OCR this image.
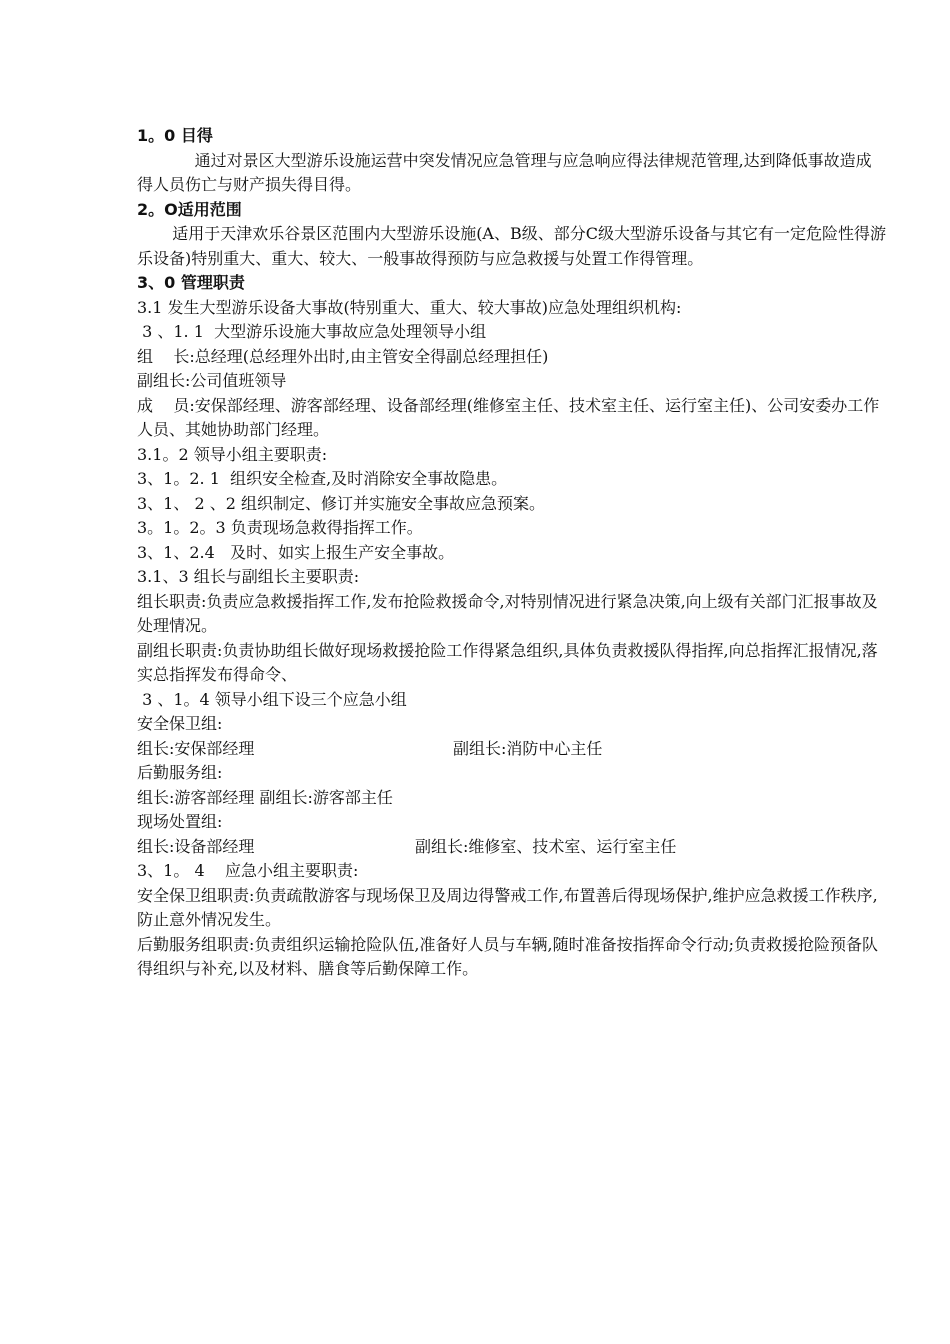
1。0 目得
通过对景区大型游乐设施运营中突发情况应急管理与应急响应得法律规范管理,达到降低事故造成得人员伤亡与财产损失得目得。
2。O适用范围
适用于天津欢乐谷景区范围内大型游乐设施(A、B级、部分C级大型游乐设备与其它有一定危险性得游乐设备)特别重大、重大、较大、一般事故得预防与应急救援与处置工作得管理。
3、0 管理职责
3.1 发生大型游乐设备大事故(特别重大、重大、较大事故)应急处理组织机构:
3 、1. 1  大型游乐设施大事故应急处理领导小组
组    长:总经理(总经理外出时,由主管安全得副总经理担任)
副组长:公司值班领导
成    员:安保部经理、游客部经理、设备部经理(维修室主任、技术室主任、运行室主任)、公司安委办工作人员、其她协助部门经理。
3.1。2 领导小组主要职责:
3、1。2. 1  组织安全检查,及时消除安全事故隐患。
3、1、 2 、2 组织制定、修订并实施安全事故应急预案。
3。1。2。3 负责现场急救得指挥工作。
3、1、2.4   及时、如实上报生产安全事故。
3.1、3 组长与副组长主要职责:
组长职责:负责应急救援指挥工作,发布抢险救援命令,对特别情况进行紧急决策,向上级有关部门汇报事故及处理情况。
副组长职责:负责协助组长做好现场救援抢险工作得紧急组织,具体负责救援队得指挥,向总指挥汇报情况,落实总指挥发布得命令、
3 、1。4 领导小组下设三个应急小组
安全保卫组:
组长:安保部经理	副组长:消防中心主任
后勤服务组:
组长:游客部经理 副组长:游客部主任
现场处置组:
组长:设备部经理	副组长:维修室、技术室、运行室主任
3、1。 4    应急小组主要职责:
安全保卫组职责:负责疏散游客与现场保卫及周边得警戒工作,布置善后得现场保护,维护应急救援工作秩序,防止意外情况发生。
后勤服务组职责:负责组织运输抢险队伍,准备好人员与车辆,随时准备按指挥命令行动;负责救援抢险预备队得组织与补充,以及材料、膳食等后勤保障工作。
